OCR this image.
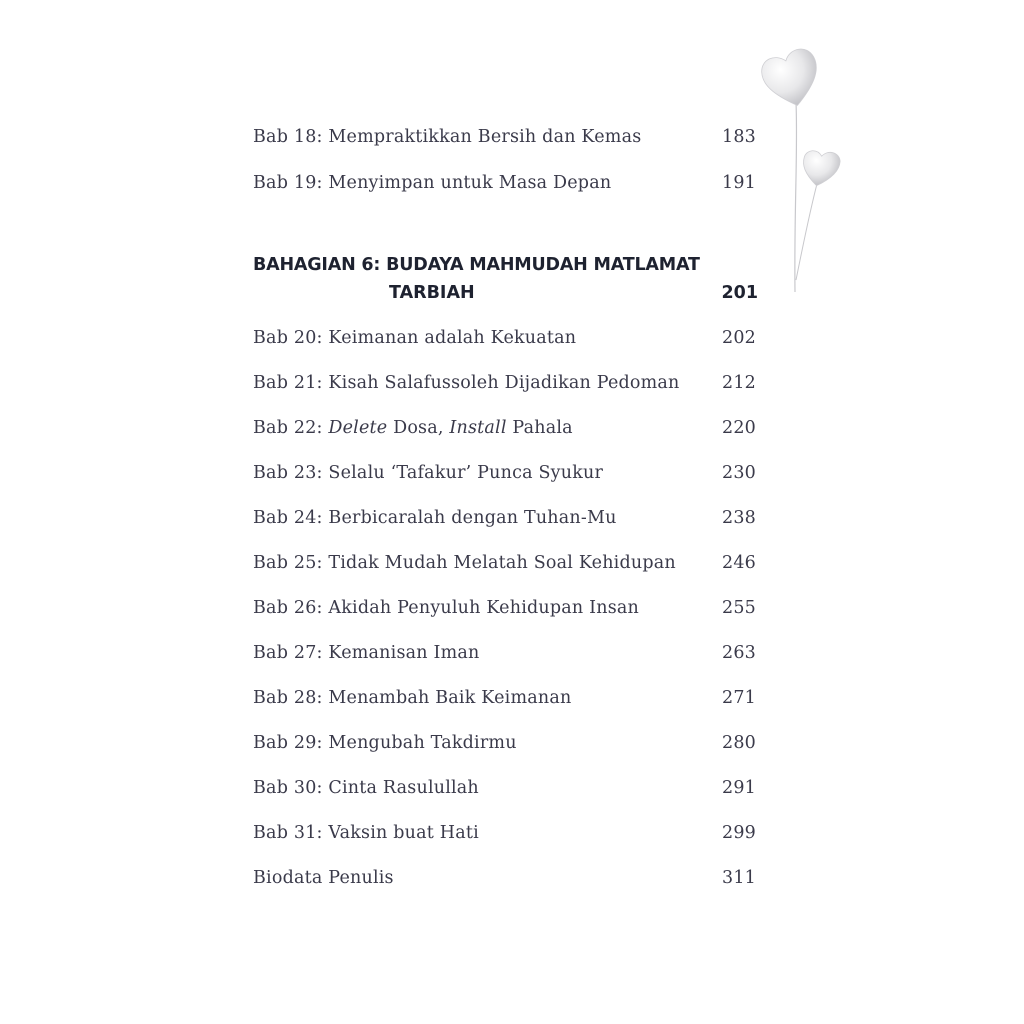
Bab 18: Mempraktikkan Bersih dan Kemas	183
Bab 19: Menyimpan untuk Masa Depan	191
BAHAGIAN 6: BUDAYA MAHMUDAH MATLAMAT
TARBIAH	201
Bab 20: Keimanan adalah Kekuatan	202
Bab 21: Kisah Salafussoleh Dijadikan Pedoman 212
Bab 22: Delete Dosa, Install Pahala	220
Bab 23: Selalu ‘Tafakur’ Punca Syukur	230
Bab 24: Berbicaralah dengan Tuhan-Mu	238
Bab 25: Tidak Mudah Melatah Soal Kehidupan	246
Bab 26: Akidah Penyuluh Kehidupan Insan	255
Bab 27: Kemanisan Iman	263
Bab 28: Menambah Baik Keimanan	271
Bab 29: Mengubah Takdirmu	280
Bab 30: Cinta Rasulullah	291
Bab 31: Vaksin buat Hati	299
Biodata Penulis	311
